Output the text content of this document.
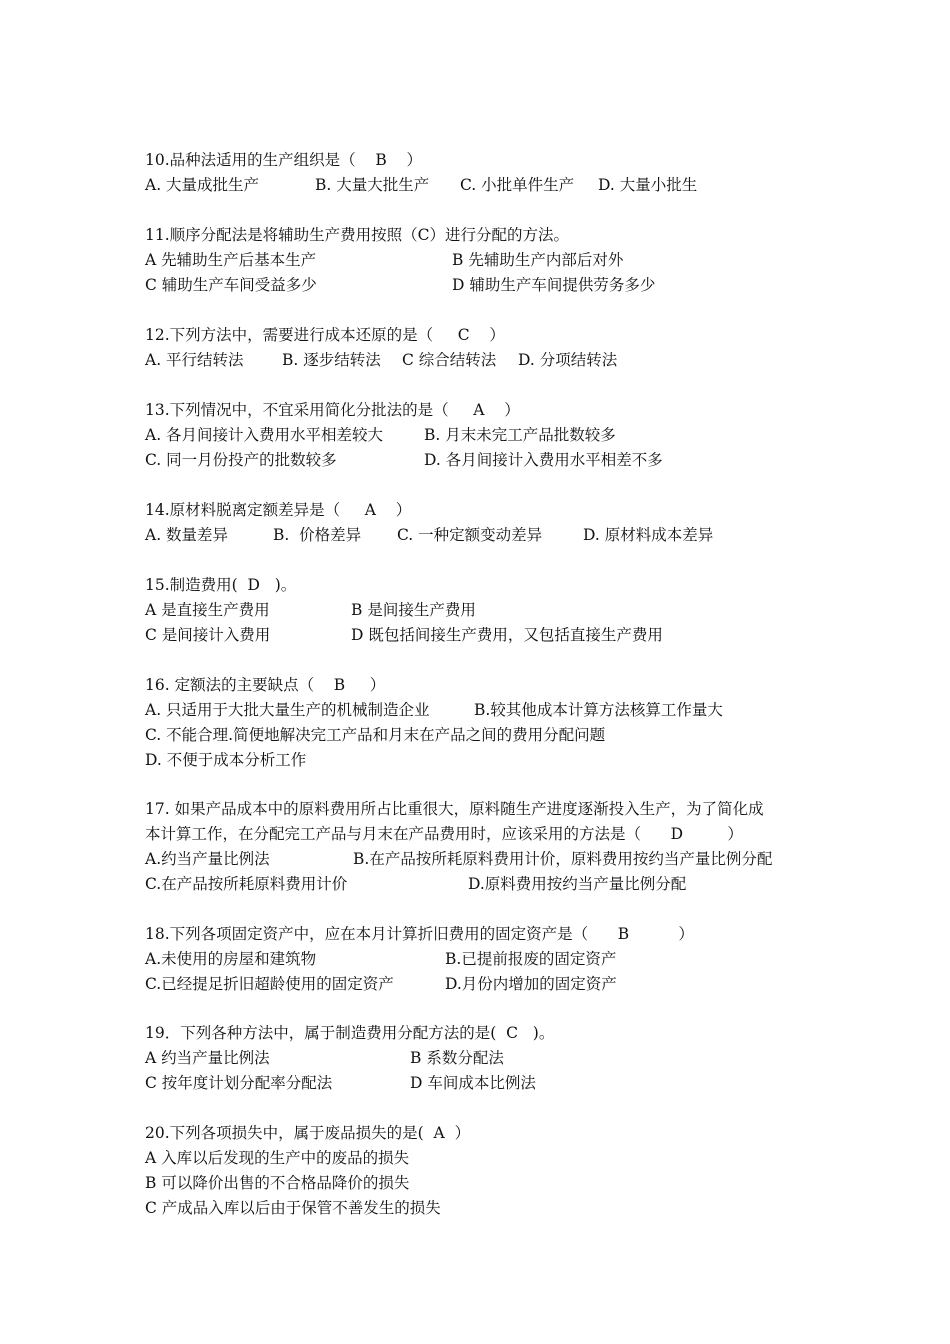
10.品种法适用的生产组织是（    B    ）
A. 大量成批生产	B. 大量大批生产 C. 小批单件生产 D. 大量小批生
11.顺序分配法是将辅助生产费用按照（C）进行分配的方法。
A 先辅助生产后基本生产	B 先辅助生产内部后对外
C 辅助生产车间受益多少	D 辅助生产车间提供劳务多少
12.下列方法中，需要进行成本还原的是（     C    ）
A. 平行结转法 B. 逐步结转法 C 综合结转法 D. 分项结转法
13.下列情况中，不宜采用简化分批法的是（     A    ）
A. 各月间接计入费用水平相差较大	B. 月末未完工产品批数较多
C. 同一月份投产的批数较多	D. 各月间接计入费用水平相差不多
14.原材料脱离定额差异是（     A    ）
A. 数量差异	B.  价格差异 C. 一种定额变动差异	D. 原材料成本差异
15.制造费用(  D   )。
A 是直接生产费用	B 是间接生产费用
C 是间接计入费用	D 既包括间接生产费用，又包括直接生产费用
16. 定额法的主要缺点（    B     ）
A. 只适用于大批大量生产的机械制造企业	B.较其他成本计算方法核算工作量大
C. 不能合理.简便地解决完工产品和月末在产品之间的费用分配问题
D. 不便于成本分析工作
17. 如果产品成本中的原料费用所占比重很大，原料随生产进度逐渐投入生产，为了简化成
本计算工作，在分配完工产品与月末在产品费用时，应该采用的方法是（      D         ）
A.约当产量比例法	B.在产品按所耗原料费用计价，原料费用按约当产量比例分配
C.在产品按所耗原料费用计价	D.原料费用按约当产量比例分配
18.下列各项固定资产中，应在本月计算折旧费用的固定资产是（      B          ）
A.未使用的房屋和建筑物	B.已提前报废的固定资产
C.已经提足折旧超龄使用的固定资产	D.月份内增加的固定资产
19．下列各种方法中，属于制造费用分配方法的是(  C   )。
A 约当产量比例法	B 系数分配法
C 按年度计划分配率分配法	D 车间成本比例法
20.下列各项损失中，属于废品损失的是(  A  ）
A 入库以后发现的生产中的废品的损失
B 可以降价出售的不合格品降价的损失
C 产成品入库以后由于保管不善发生的损失
